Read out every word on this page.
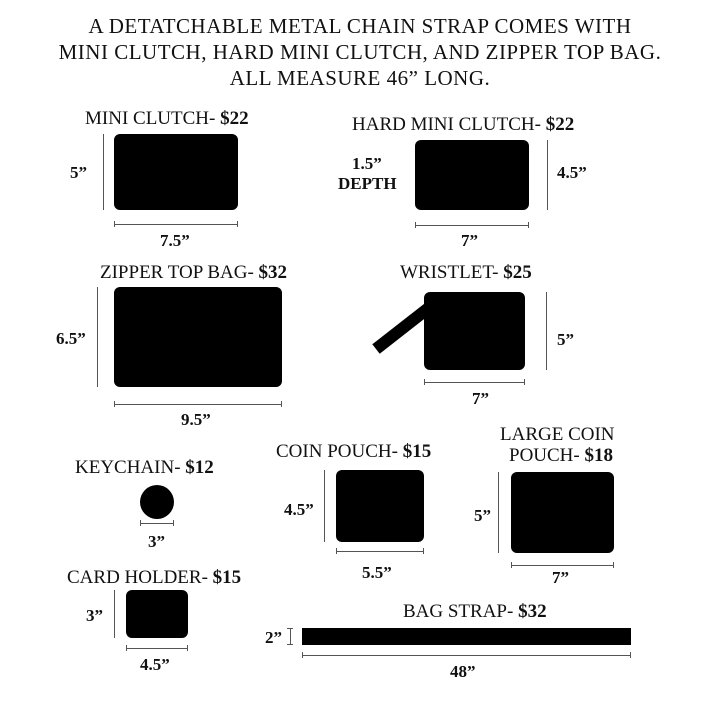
A DETATCHABLE METAL CHAIN STRAP COMES WITH
MINI CLUTCH, HARD MINI CLUTCH, AND ZIPPER TOP BAG.
ALL MEASURE 46” LONG.
MINI CLUTCH- $22
5”
7.5”
HARD MINI CLUTCH- $22
1.5”
DEPTH
4.5”
7”
ZIPPER TOP BAG- $32
6.5”
9.5”
WRISTLET- $25
5”
7”
KEYCHAIN- $12
3”
COIN POUCH- $15
4.5”
5.5”
LARGE COIN
POUCH- $18
5”
7”
CARD HOLDER- $15
3”
4.5”
BAG STRAP- $32
2”
48”
